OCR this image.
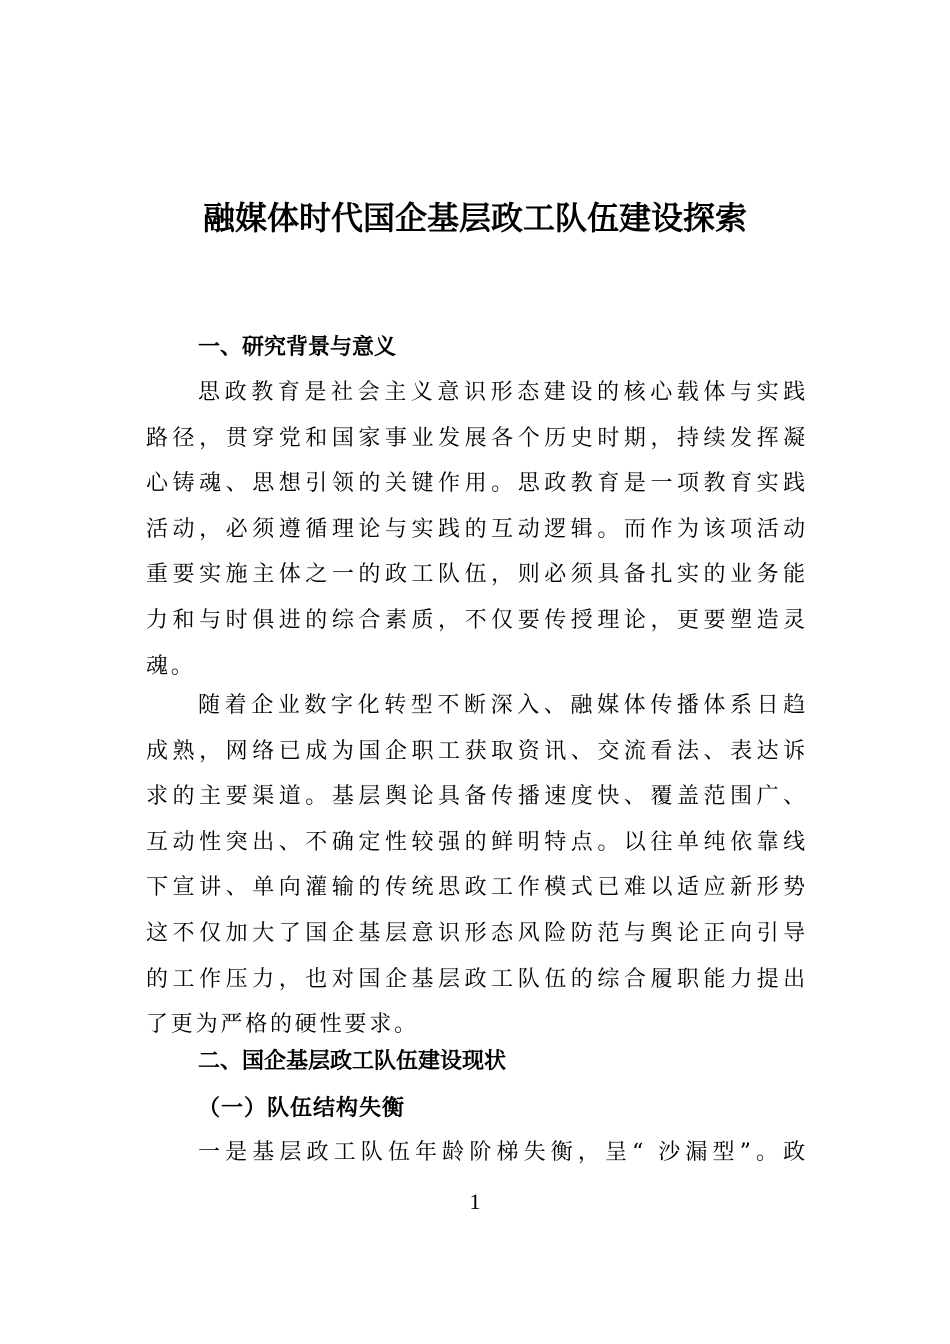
融媒体时代国企基层政工队伍建设探索
一、研究背景与意义

思政教育是社会主义意识形态建设的核心载体与实践
路径，贯穿党和国家事业发展各个历史时期，持续发挥凝
心铸魂、思想引领的关键作用。思政教育是一项教育实践
活动，必须遵循理论与实践的互动逻辑。而作为该项活动
重要实施主体之一的政工队伍，则必须具备扎实的业务能
力和与时俱进的综合素质，不仅要传授理论，更要塑造灵
魂。

随着企业数字化转型不断深入、融媒体传播体系日趋
成熟，网络已成为国企职工获取资讯、交流看法、表达诉
求的主要渠道。基层舆论具备传播速度快、覆盖范围广、
互动性突出、不确定性较强的鲜明特点。以往单纯依靠线
下宣讲、单向灌输的传统思政工作模式已难以适应新形势
这不仅加大了国企基层意识形态风险防范与舆论正向引导
的工作压力，也对国企基层政工队伍的综合履职能力提出
了更为严格的硬性要求。

二、国企基层政工队伍建设现状
（一）队伍结构失衡

一是基层政工队伍年龄阶梯失衡，呈“ 沙漏型”。政

1
